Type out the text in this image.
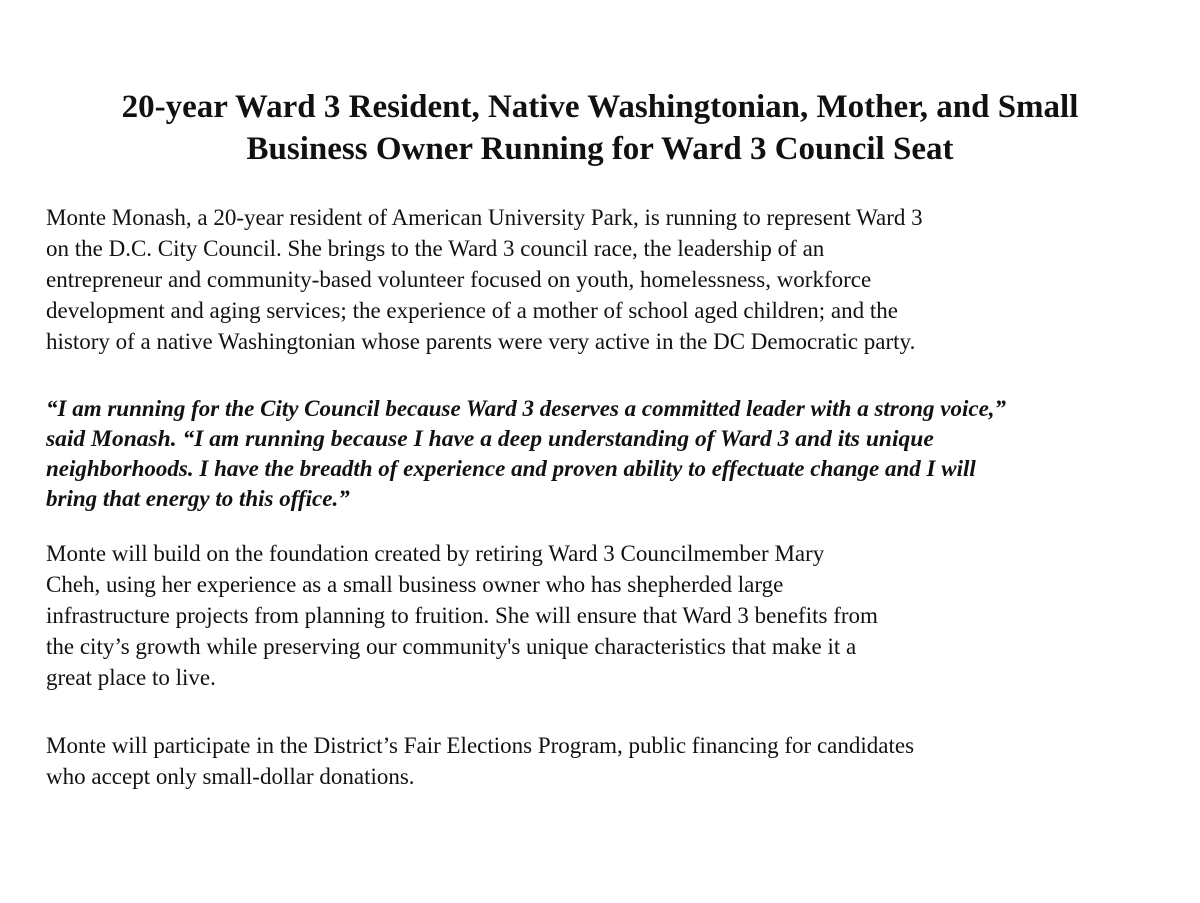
20-year Ward 3 Resident, Native Washingtonian, Mother, and Small
Business Owner Running for Ward 3 Council Seat

Monte Monash, a 20-year resident of American University Park, is running to represent Ward 3
on the D.C. City Council. She brings to the Ward 3 council race, the leadership of an
entrepreneur and community-based volunteer focused on youth, homelessness, workforce
development and aging services; the experience of a mother of school aged children; and the
history of a native Washingtonian whose parents were very active in the DC Democratic party.

“I am running for the City Council because Ward 3 deserves a committed leader with a strong voice,”
said Monash. “I am running because I have a deep understanding of Ward 3 and its unique
neighborhoods. I have the breadth of experience and proven ability to effectuate change and I will
bring that energy to this office.”

Monte will build on the foundation created by retiring Ward 3 Councilmember Mary
Cheh, using her experience as a small business owner who has shepherded large
infrastructure projects from planning to fruition. She will ensure that Ward 3 benefits from
the city’s growth while preserving our community's unique characteristics that make it a
great place to live.

Monte will participate in the District’s Fair Elections Program, public financing for candidates
who accept only small-dollar donations.
